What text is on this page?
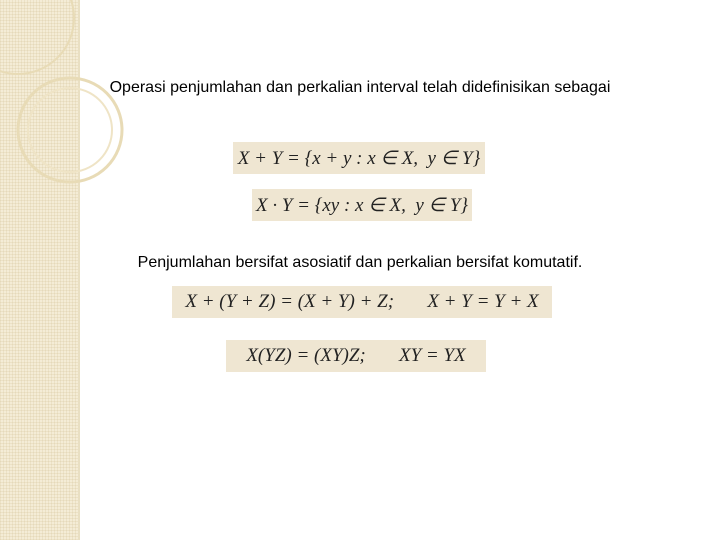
Operasi penjumlahan dan perkalian interval telah didefinisikan sebagai
X + Y = {x + y : x ∈ X,  y ∈ Y}
X · Y = {xy : x ∈ X,  y ∈ Y}
Penjumlahan bersifat asosiatif dan perkalian bersifat komutatif.
X + (Y + Z) = (X + Y) + Z;       X + Y = Y + X
X(YZ) = (XY)Z;       XY = YX
